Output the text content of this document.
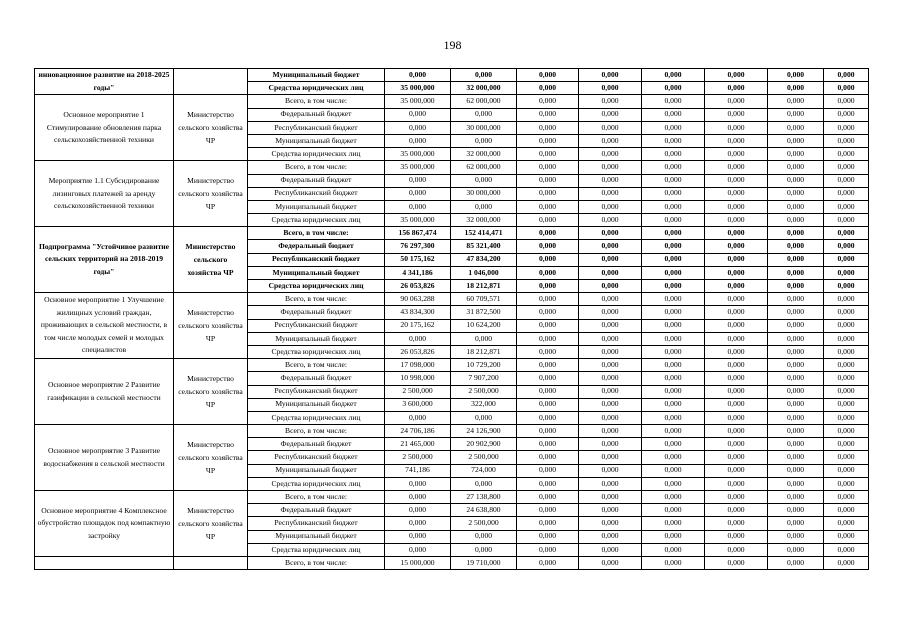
198
инновационное развитие на 2018-2025 годы"		Муниципальный бюджет	0,000	0,000	0,000	0,000	0,000	0,000	0,000	0,000
		Средства юридических лиц	35 000,000	32 000,000	0,000	0,000	0,000	0,000	0,000	0,000
Основное мероприятие 1 Стимулирование обновления парка сельскохозяйственной техники	Министерство сельского хозяйства ЧР	Всего, в том числе:	35 000,000	62 000,000	0,000	0,000	0,000	0,000	0,000	0,000
		Федеральный бюджет	0,000	0,000	0,000	0,000	0,000	0,000	0,000	0,000
		Республиканский бюджет	0,000	30 000,000	0,000	0,000	0,000	0,000	0,000	0,000
		Муниципальный бюджет	0,000	0,000	0,000	0,000	0,000	0,000	0,000	0,000
		Средства юридических лиц	35 000,000	32 000,000	0,000	0,000	0,000	0,000	0,000	0,000
Мероприятие 1.1 Субсидирование лизинговых платежей за аренду сельскохозяйственной техники	Министерство сельского хозяйства ЧР	Всего, в том числе:	35 000,000	62 000,000	0,000	0,000	0,000	0,000	0,000	0,000
		Федеральный бюджет	0,000	0,000	0,000	0,000	0,000	0,000	0,000	0,000
		Республиканский бюджет	0,000	30 000,000	0,000	0,000	0,000	0,000	0,000	0,000
		Муниципальный бюджет	0,000	0,000	0,000	0,000	0,000	0,000	0,000	0,000
		Средства юридических лиц	35 000,000	32 000,000	0,000	0,000	0,000	0,000	0,000	0,000
Подпрограмма "Устойчивое развитие сельских территорий на 2018-2019 годы"	Министерство сельского хозяйства ЧР	Всего, в том числе:	156 867,474	152 414,471	0,000	0,000	0,000	0,000	0,000	0,000
		Федеральный бюджет	76 297,300	85 321,400	0,000	0,000	0,000	0,000	0,000	0,000
		Республиканский бюджет	50 175,162	47 834,200	0,000	0,000	0,000	0,000	0,000	0,000
		Муниципальный бюджет	4 341,186	1 046,000	0,000	0,000	0,000	0,000	0,000	0,000
		Средства юридических лиц	26 053,826	18 212,871	0,000	0,000	0,000	0,000	0,000	0,000
Основное мероприятие 1 Улучшение жилищных условий граждан, проживающих в сельской местности, в том числе молодых семей и молодых специалистов	Министерство сельского хозяйства ЧР	Всего, в том числе:	90 063,288	60 709,571	0,000	0,000	0,000	0,000	0,000	0,000
		Федеральный бюджет	43 834,300	31 872,500	0,000	0,000	0,000	0,000	0,000	0,000
		Республиканский бюджет	20 175,162	10 624,200	0,000	0,000	0,000	0,000	0,000	0,000
		Муниципальный бюджет	0,000	0,000	0,000	0,000	0,000	0,000	0,000	0,000
		Средства юридических лиц	26 053,826	18 212,871	0,000	0,000	0,000	0,000	0,000	0,000
Основное мероприятие 2 Развитие газификации в сельской местности	Министерство сельского хозяйства ЧР	Всего, в том числе:	17 098,000	10 729,200	0,000	0,000	0,000	0,000	0,000	0,000
		Федеральный бюджет	10 998,000	7 907,200	0,000	0,000	0,000	0,000	0,000	0,000
		Республиканский бюджет	2 500,000	2 500,000	0,000	0,000	0,000	0,000	0,000	0,000
		Муниципальный бюджет	3 600,000	322,000	0,000	0,000	0,000	0,000	0,000	0,000
		Средства юридических лиц	0,000	0,000	0,000	0,000	0,000	0,000	0,000	0,000
Основное мероприятие 3 Развитие водоснабжения в сельской местности	Министерство сельского хозяйства ЧР	Всего, в том числе:	24 706,186	24 126,900	0,000	0,000	0,000	0,000	0,000	0,000
		Федеральный бюджет	21 465,000	20 902,900	0,000	0,000	0,000	0,000	0,000	0,000
		Республиканский бюджет	2 500,000	2 500,000	0,000	0,000	0,000	0,000	0,000	0,000
		Муниципальный бюджет	741,186	724,000	0,000	0,000	0,000	0,000	0,000	0,000
		Средства юридических лиц	0,000	0,000	0,000	0,000	0,000	0,000	0,000	0,000
Основное мероприятие 4 Комплексное обустройство площадок под компактную застройку	Министерство сельского хозяйства ЧР	Всего, в том числе:	0,000	27 138,800	0,000	0,000	0,000	0,000	0,000	0,000
		Федеральный бюджет	0,000	24 638,800	0,000	0,000	0,000	0,000	0,000	0,000
		Республиканский бюджет	0,000	2 500,000	0,000	0,000	0,000	0,000	0,000	0,000
		Муниципальный бюджет	0,000	0,000	0,000	0,000	0,000	0,000	0,000	0,000
		Средства юридических лиц	0,000	0,000	0,000	0,000	0,000	0,000	0,000	0,000
		Всего, в том числе:	15 000,000	19 710,000	0,000	0,000	0,000	0,000	0,000	0,000
